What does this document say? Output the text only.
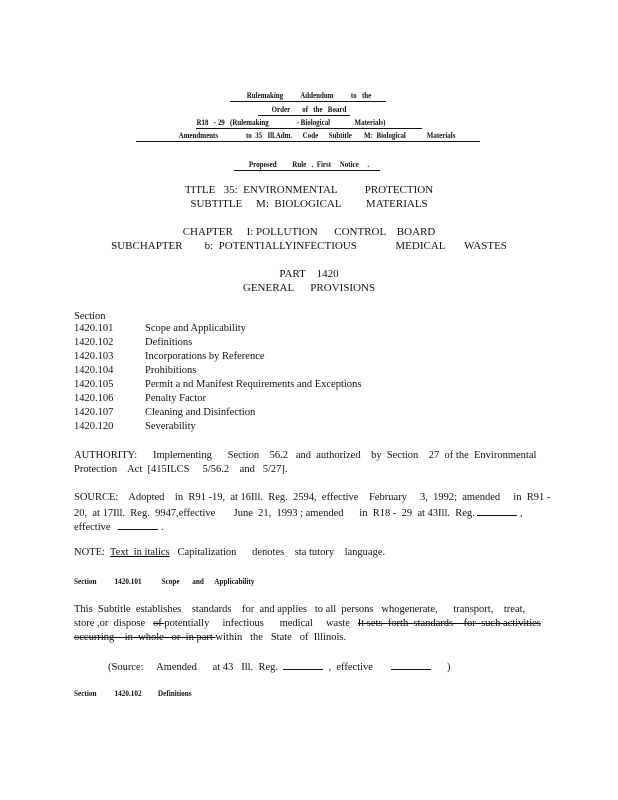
Rulemaking          Addendum          to   the
Order       of   the   Board
R18   - 29   (Rulemaking                - Biological              Materials)
Amendments                to  35   Ill.Adm.      Code      Subtitle       M:  Biological            Materials
Proposed         Rule   .  First     Notice     .
TITLE   35:  ENVIRONMENTAL          PROTECTION
SUBTITLE     M:  BIOLOGICAL         MATERIALS
CHAPTER     I: POLLUTION      CONTROL    BOARD
SUBCHAPTER        b:  POTENTIALLYINFECTIOUS              MEDICAL       WASTES
PART    1420
GENERAL      PROVISIONS
Section
1420.101	Scope and Applicability
1420.102	Definitions
1420.103	Incorporations by Reference
1420.104	Prohibitions
1420.105	Permit a nd Manifest Requirements and Exceptions
1420.106	Penalty Factor
1420.107	Cleaning and Disinfection
1420.120	Severability
AUTHORITY:      Implementing      Section    56.2   and  authorized    by  Section    27  of the  Environmental
Protection    Act  [415ILCS     5/56.2    and   5/27].
SOURCE:    Adopted    in  R91 -19,  at 16Ill.  Reg.  2594,  effective    February     3,  1992;  amended     in  R91 -
20,  at 17Ill.  Reg.  9947,effective       June  21,  1993 ; amended      in  R18 -  29  at 43Ill.  Reg.	,
effective	.
NOTE: Text  in italics Capitalization      denotes    sta tutory    language.
Section 1420.101 Scope       and      Applicability
This  Subtitle  establishes    standards    for  and applies   to all  persons   whogenerate,      transport,    treat,
store ,or  dispose   of potentially     infectious      medical     waste   It sets  forth  standards    for  such activities
occurring    in  whole   or  in part within   the   State   of  Illinois.
(Source:     Amended      at 43   Ill.  Reg.	,  effective	)
Section 1420.102 Definitions
